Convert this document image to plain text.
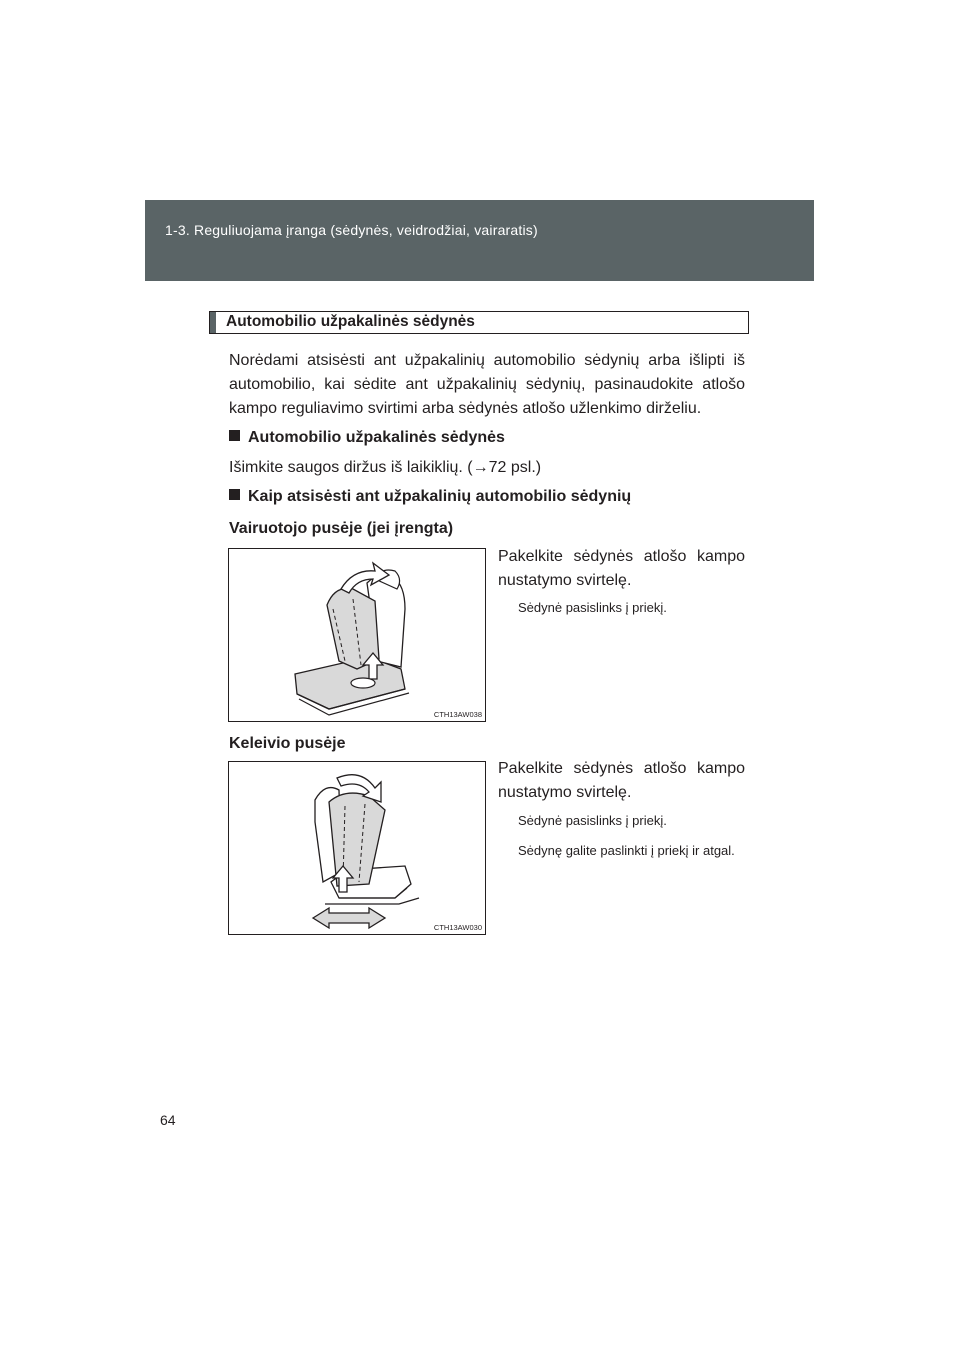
1-3. Reguliuojama įranga (sėdynės, veidrodžiai, vairaratis)
Automobilio užpakalinės sėdynės
Norėdami atsisėsti ant užpakalinių automobilio sėdynių arba išlipti iš automobilio, kai sėdite ant užpakalinių sėdynių, pasinaudokite atlošo kampo reguliavimo svirtimi arba sėdynės atlošo užlenkimo dirželiu.
Automobilio užpakalinės sėdynės
Išimkite saugos diržus iš laikiklių. (→72 psl.)
Kaip atsisėsti ant užpakalinių automobilio sėdynių
Vairuotojo pusėje (jei įrengta)
CTH13AW038
Pakelkite sėdynės atlošo kampo nustatymo svirtelę.
Sėdynė pasislinks į priekį.
Keleivio pusėje
CTH13AW030
Pakelkite sėdynės atlošo kampo nustatymo svirtelę.
Sėdynė pasislinks į priekį.
Sėdynę galite paslinkti į priekį ir atgal.
64
